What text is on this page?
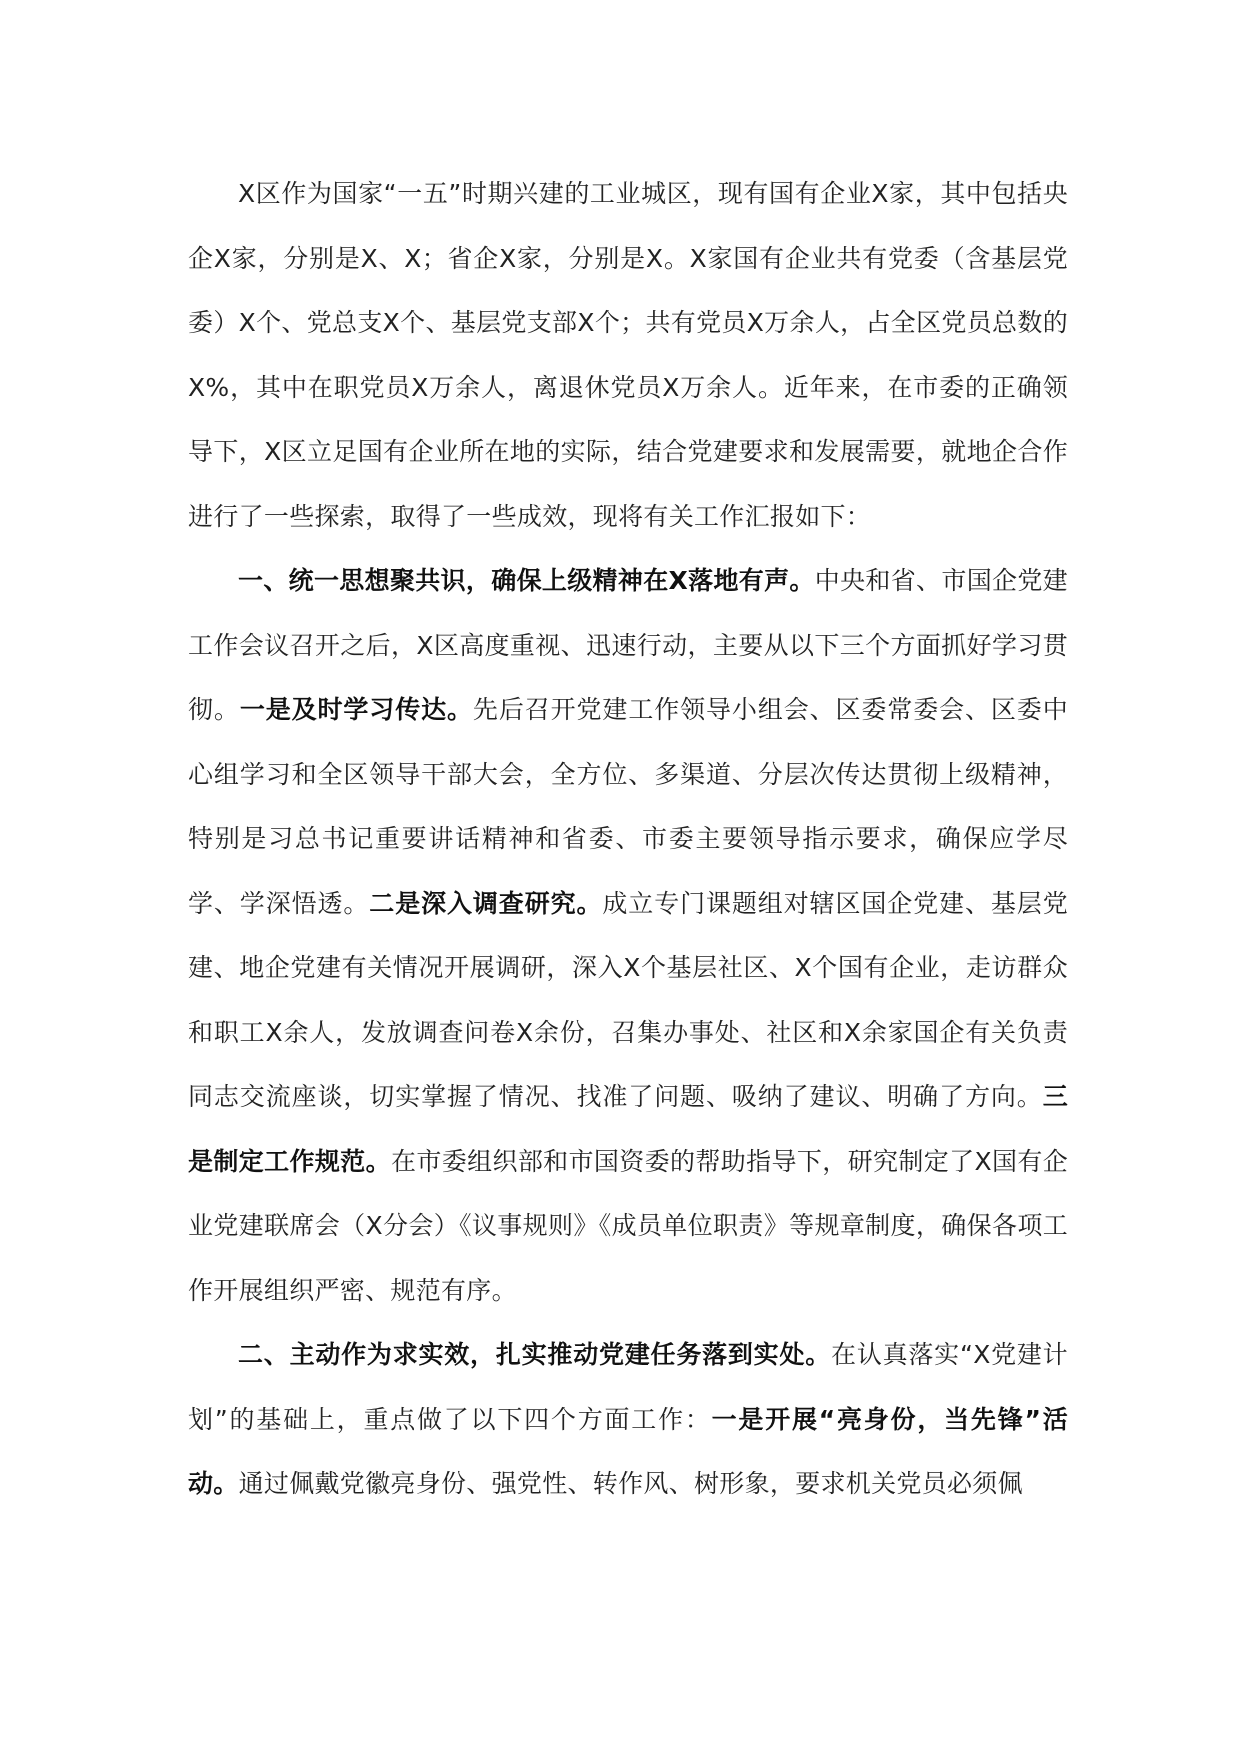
X区作为国家“一五”时期兴建的工业城区，现有国有企业X家，其中包括央企X家，分别是X、X；省企X家，分别是X。X家国有企业共有党委（含基层党委）X个、党总支X个、基层党支部X个；共有党员X万余人，占全区党员总数的X%，其中在职党员X万余人，离退休党员X万余人。近年来，在市委的正确领导下，X区立足国有企业所在地的实际，结合党建要求和发展需要，就地企合作进行了一些探索，取得了一些成效，现将有关工作汇报如下：

一、统一思想聚共识，确保上级精神在X落地有声。中央和省、市国企党建工作会议召开之后，X区高度重视、迅速行动，主要从以下三个方面抓好学习贯彻。一是及时学习传达。先后召开党建工作领导小组会、区委常委会、区委中心组学习和全区领导干部大会，全方位、多渠道、分层次传达贯彻上级精神，特别是习总书记重要讲话精神和省委、市委主要领导指示要求，确保应学尽学、学深悟透。二是深入调查研究。成立专门课题组对辖区国企党建、基层党建、地企党建有关情况开展调研，深入X个基层社区、X个国有企业，走访群众和职工X余人，发放调查问卷X余份，召集办事处、社区和X余家国企有关负责同志交流座谈，切实掌握了情况、找准了问题、吸纳了建议、明确了方向。三是制定工作规范。在市委组织部和市国资委的帮助指导下，研究制定了X国有企业党建联席会（X分会）《议事规则》《成员单位职责》等规章制度，确保各项工作开展组织严密、规范有序。

二、主动作为求实效，扎实推动党建任务落到实处。在认真落实“X党建计划”的基础上，重点做了以下四个方面工作：一是开展“亮身份，当先锋”活动。通过佩戴党徽亮身份、强党性、转作风、树形象，要求机关党员必须佩
